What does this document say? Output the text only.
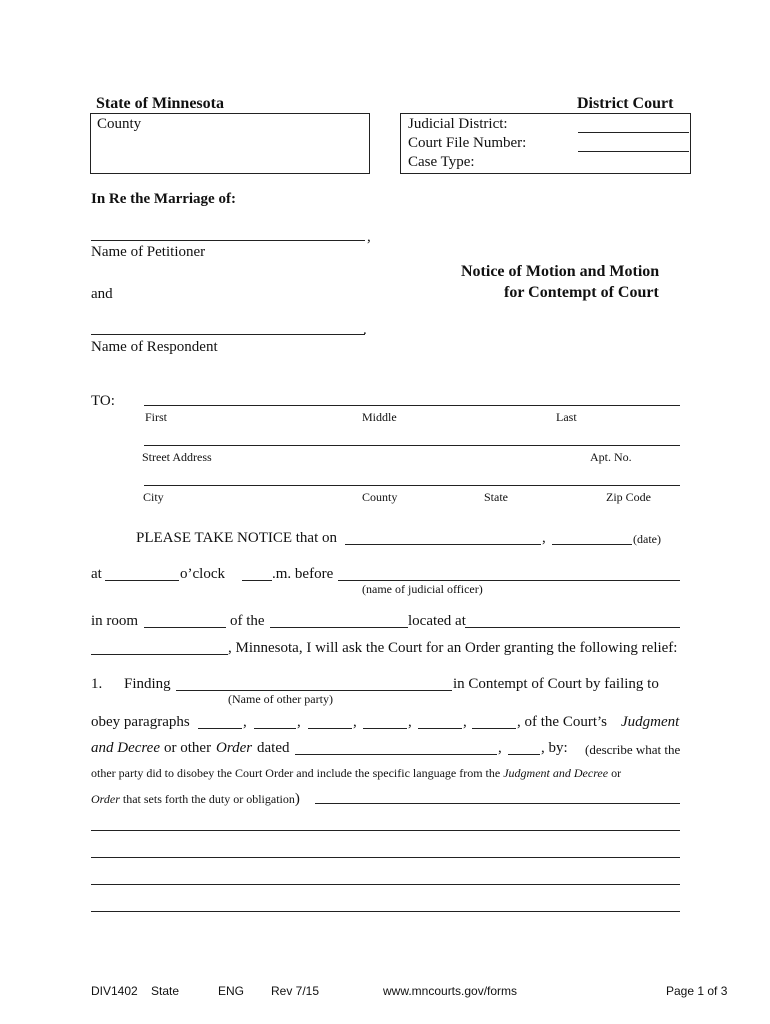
State of Minnesota	District Court
County	Judicial District:
Court File Number:
Case Type:
In Re the Marriage of:
,
Name of Petitioner
Notice of Motion and Motion
for Contempt of Court
and
.
Name of Respondent
TO:
First	Middle	Last
Street Address	Apt. No.
City	County	State	Zip Code
PLEASE TAKE NOTICE that on	,	(date)
at	o’clock	.m. before
(name of judicial officer)
in room	of the	located at
, Minnesota, I will ask the Court for an Order granting the following relief:
1. Finding	in Contempt of Court by failing to
(Name of other party)
obey paragraphs	,	,	,	,	,	, of the Court’s Judgment
and Decree or other Order dated	,	, by: (describe what the
other party did to disobey the Court Order and include the specific language from the Judgment and Decree or
Order that sets forth the duty or obligation)
DIV1402 State	ENG Rev 7/15	www.mncourts.gov/forms	Page 1 of 3
